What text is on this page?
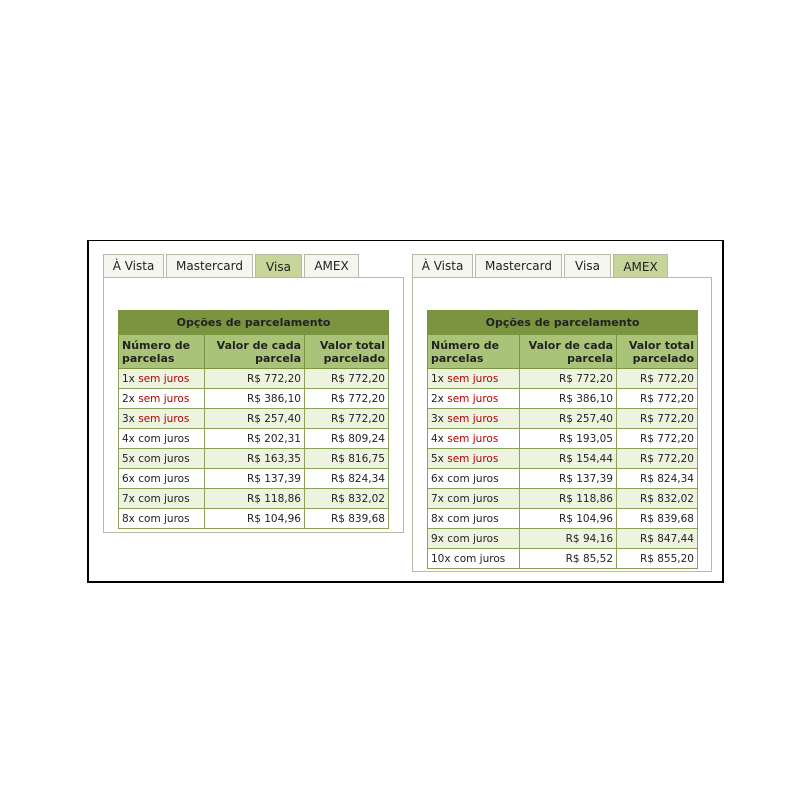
À Vista Mastercard Visa AMEX
Opções de parcelamento		
Número de parcelas	Valor de cada parcela	Valor total parcelado
1x sem juros	R$ 772,20	R$ 772,20
2x sem juros	R$ 386,10	R$ 772,20
3x sem juros	R$ 257,40	R$ 772,20
4x com juros	R$ 202,31	R$ 809,24
5x com juros	R$ 163,35	R$ 816,75
6x com juros	R$ 137,39	R$ 824,34
7x com juros	R$ 118,86	R$ 832,02
8x com juros	R$ 104,96	R$ 839,68
À Vista Mastercard Visa AMEX
Opções de parcelamento		
Número de parcelas	Valor de cada parcela	Valor total parcelado
1x sem juros	R$ 772,20	R$ 772,20
2x sem juros	R$ 386,10	R$ 772,20
3x sem juros	R$ 257,40	R$ 772,20
4x sem juros	R$ 193,05	R$ 772,20
5x sem juros	R$ 154,44	R$ 772,20
6x com juros	R$ 137,39	R$ 824,34
7x com juros	R$ 118,86	R$ 832,02
8x com juros	R$ 104,96	R$ 839,68
9x com juros	R$ 94,16	R$ 847,44
10x com juros	R$ 85,52	R$ 855,20
